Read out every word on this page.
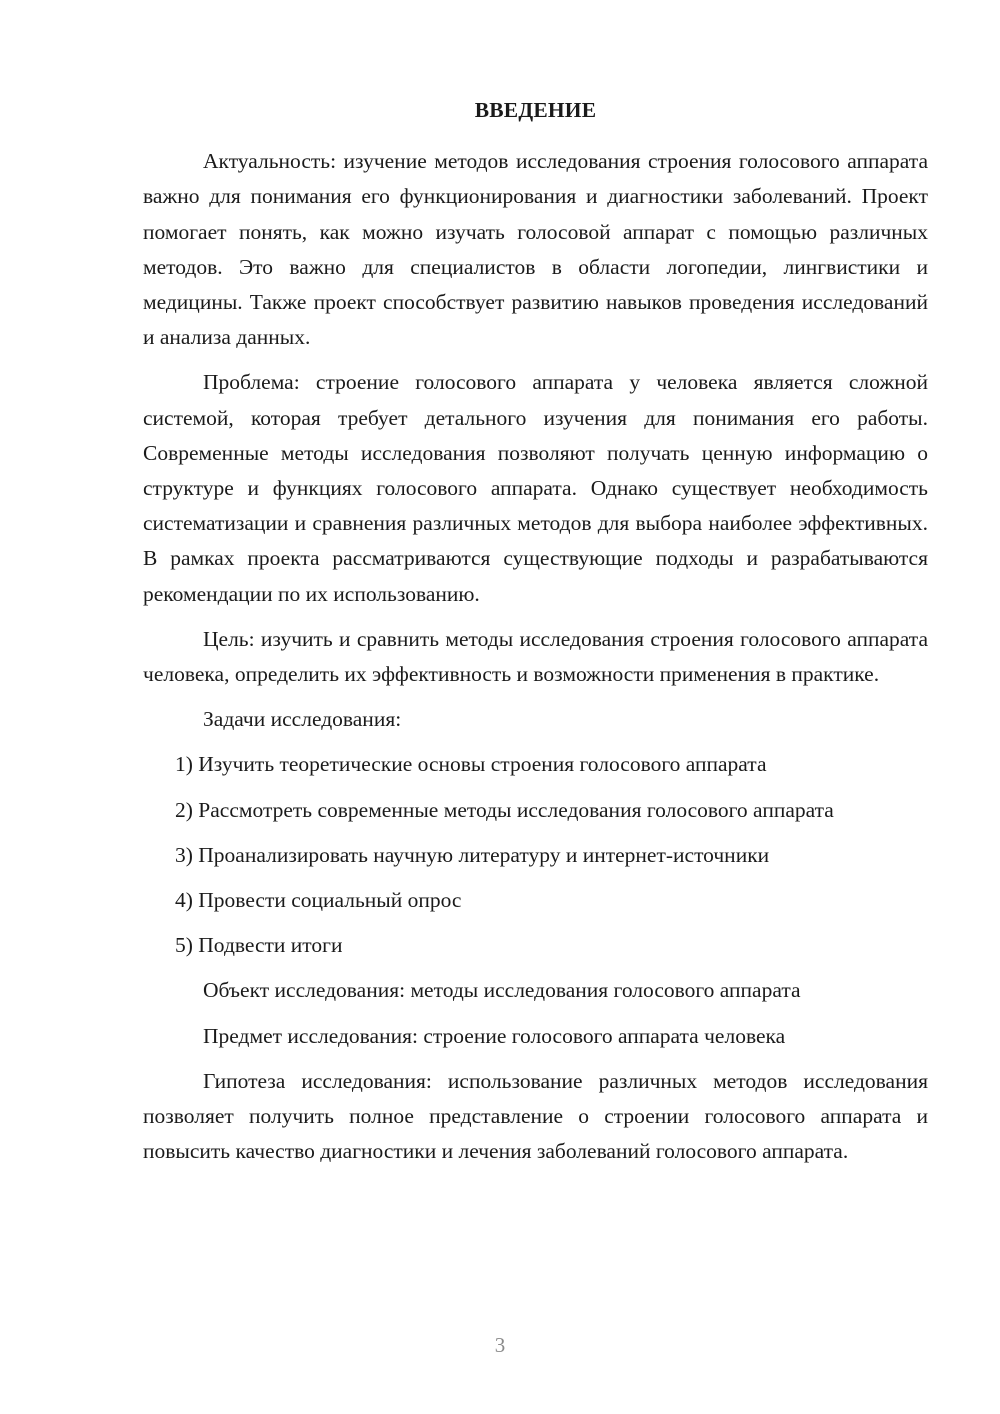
ВВЕДЕНИЕ

Актуальность: изучение методов исследования строения голосового аппарата важно для понимания его функционирования и диагностики заболеваний. Проект помогает понять, как можно изучать голосовой аппарат с помощью различных методов. Это важно для специалистов в области логопедии, лингвистики и медицины. Также проект способствует развитию навыков проведения исследований и анализа данных.

Проблема: строение голосового аппарата у человека является сложной системой, которая требует детального изучения для понимания его работы. Современные методы исследования позволяют получать ценную информацию о структуре и функциях голосового аппарата. Однако существует необходимость систематизации и сравнения различных методов для выбора наиболее эффективных. В рамках проекта рассматриваются существующие подходы и разрабатываются рекомендации по их использованию.

Цель: изучить и сравнить методы исследования строения голосового аппарата человека, определить их эффективность и возможности применения в практике.

Задачи исследования:

1) Изучить теоретические основы строения голосового аппарата

2) Рассмотреть современные методы исследования голосового аппарата

3) Проанализировать научную литературу и интернет-источники

4) Провести социальный опрос

5) Подвести итоги

Объект исследования: методы исследования голосового аппарата

Предмет исследования: строение голосового аппарата человека

Гипотеза исследования: использование различных методов исследования позволяет получить полное представление о строении голосового аппарата и повысить качество диагностики и лечения заболеваний голосового аппарата.

3
